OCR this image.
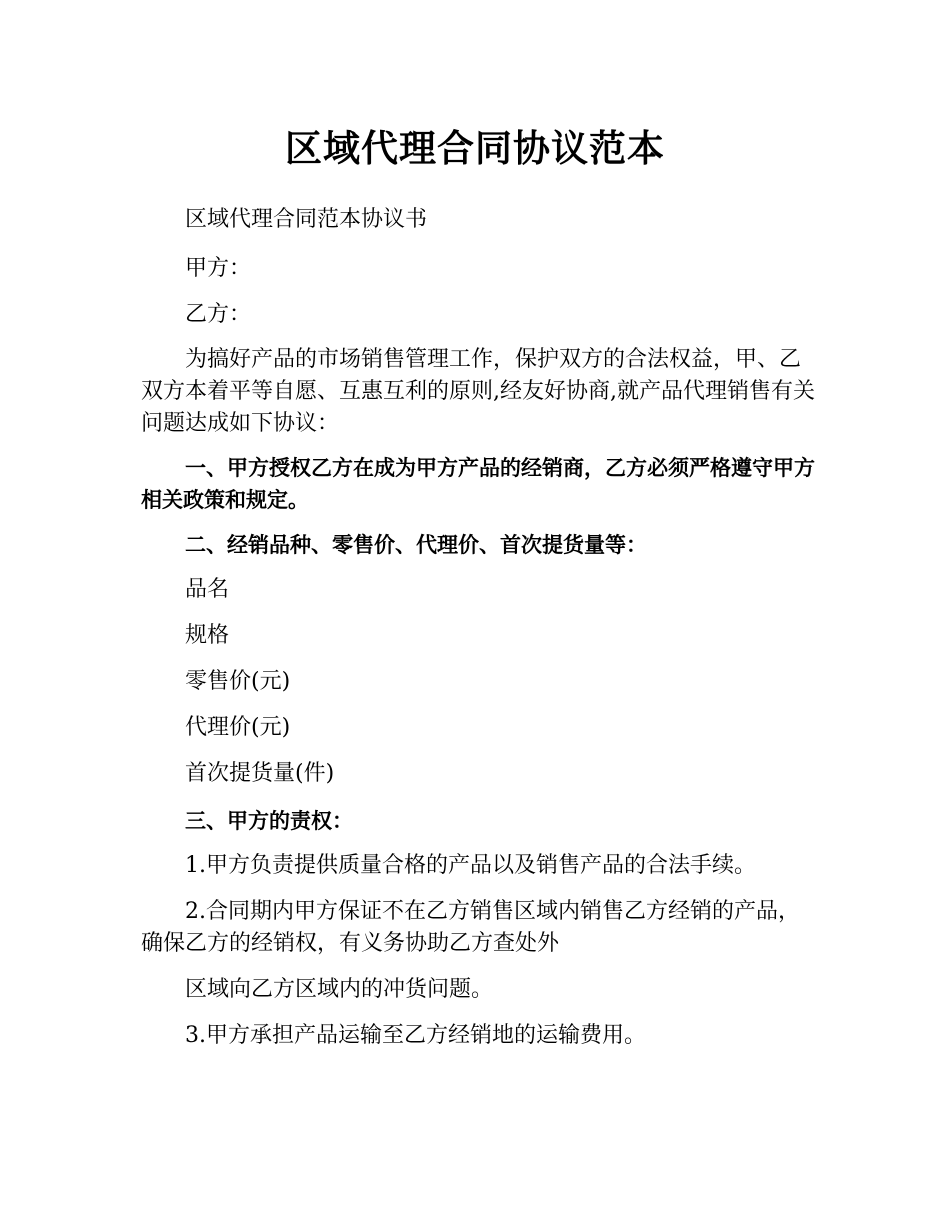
区域代理合同协议范本

区域代理合同范本协议书

甲方：

乙方：

为搞好产品的市场销售管理工作，保护双方的合法权益，甲、乙双方本着平等自愿、互惠互利的原则,经友好协商,就产品代理销售有关问题达成如下协议：

一、甲方授权乙方在成为甲方产品的经销商，乙方必须严格遵守甲方相关政策和规定。

二、经销品种、零售价、代理价、首次提货量等：

品名

规格

零售价(元)

代理价(元)

首次提货量(件)

三、甲方的责权：

1.甲方负责提供质量合格的产品以及销售产品的合法手续。

2.合同期内甲方保证不在乙方销售区域内销售乙方经销的产品，确保乙方的经销权，有义务协助乙方查处外

区域向乙方区域内的冲货问题。

3.甲方承担产品运输至乙方经销地的运输费用。
